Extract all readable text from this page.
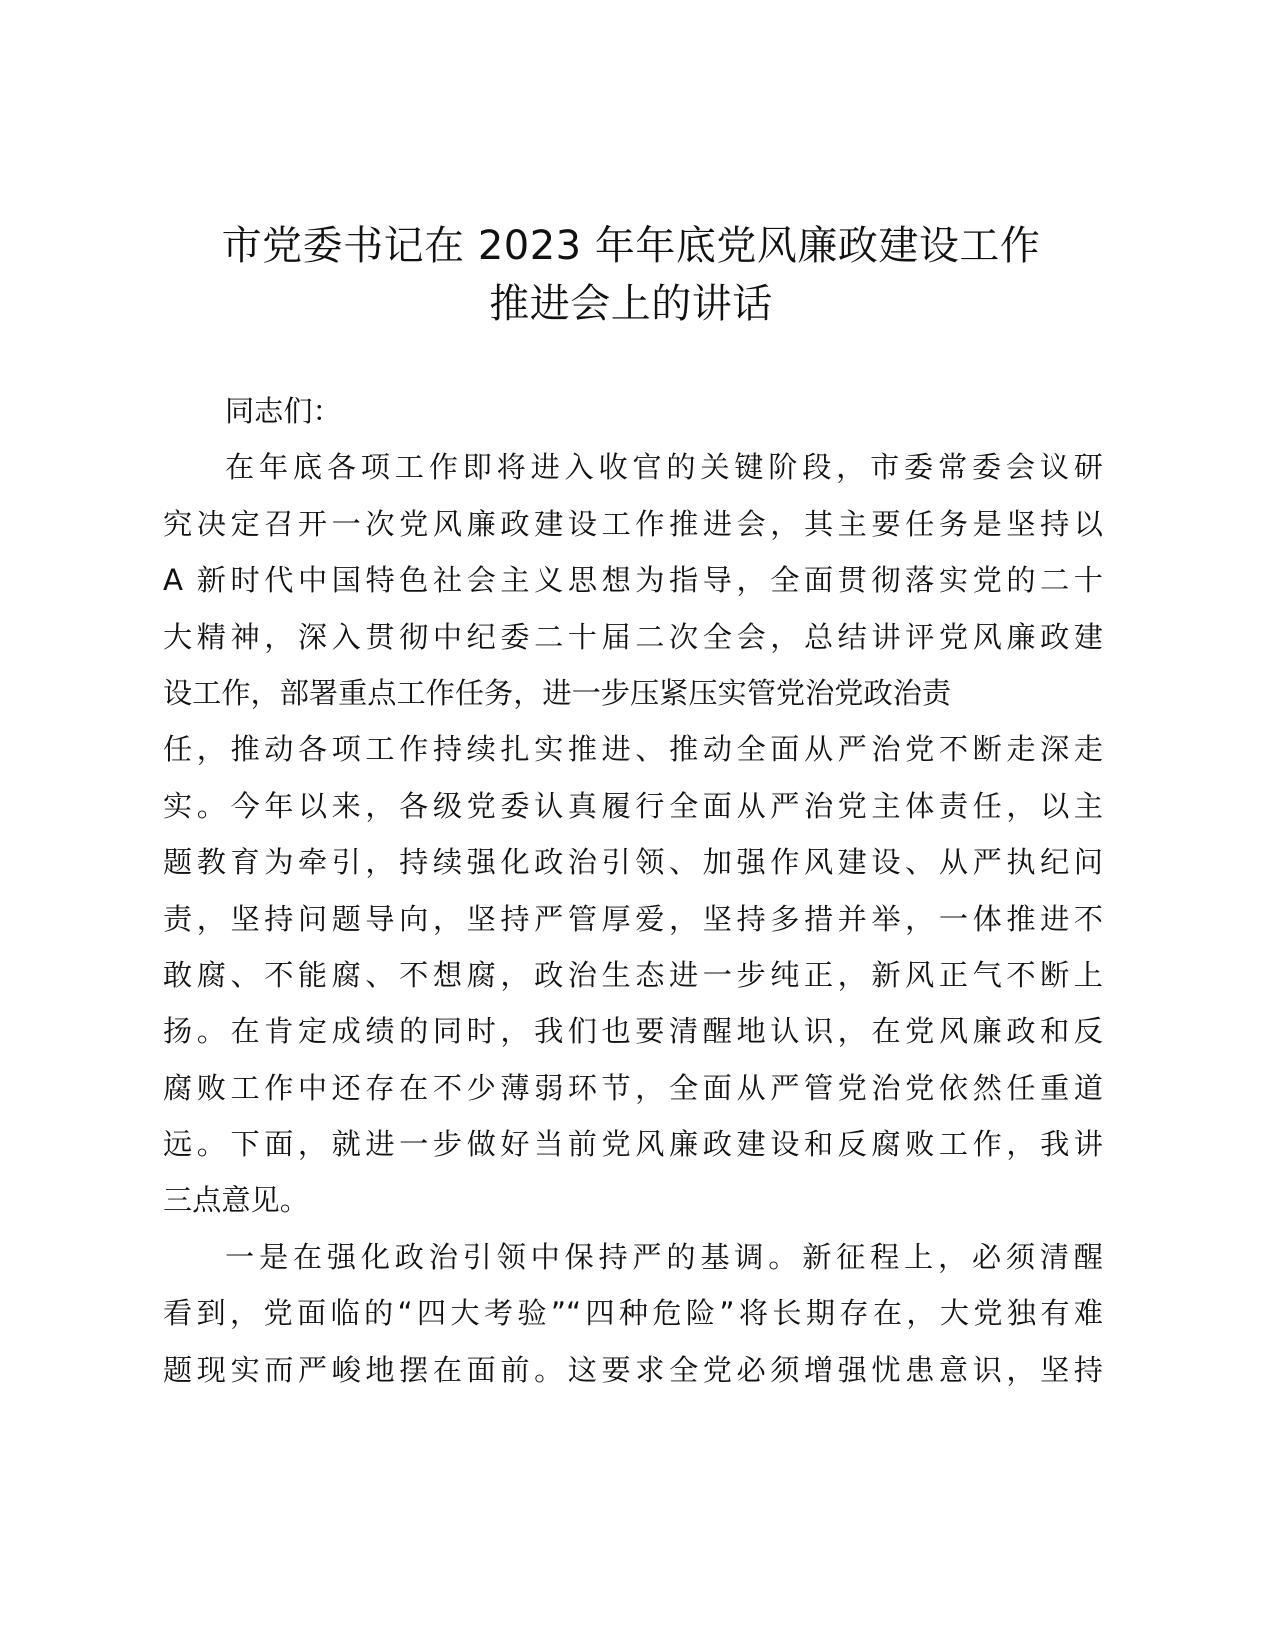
市党委书记在 2023 年年底党风廉政建设工作
推进会上的讲话
同志们：
在年底各项工作即将进入收官的关键阶段，市委常委会议研
究决定召开一次党风廉政建设工作推进会，其主要任务是坚持以
A 新时代中国特色社会主义思想为指导，全面贯彻落实党的二十
大精神，深入贯彻中纪委二十届二次全会，总结讲评党风廉政建
设工作，部署重点工作任务，进一步压紧压实管党治党政治责
任，推动各项工作持续扎实推进、推动全面从严治党不断走深走
实。今年以来，各级党委认真履行全面从严治党主体责任，以主
题教育为牵引，持续强化政治引领、加强作风建设、从严执纪问
责，坚持问题导向，坚持严管厚爱，坚持多措并举，一体推进不
敢腐、不能腐、不想腐，政治生态进一步纯正，新风正气不断上
扬。在肯定成绩的同时，我们也要清醒地认识，在党风廉政和反
腐败工作中还存在不少薄弱环节，全面从严管党治党依然任重道
远。下面，就进一步做好当前党风廉政建设和反腐败工作，我讲
三点意见。
一是在强化政治引领中保持严的基调。新征程上，必须清醒
看到，党面临的“四大考验”“四种危险”将长期存在，大党独有难
题现实而严峻地摆在面前。这要求全党必须增强忧患意识，坚持
